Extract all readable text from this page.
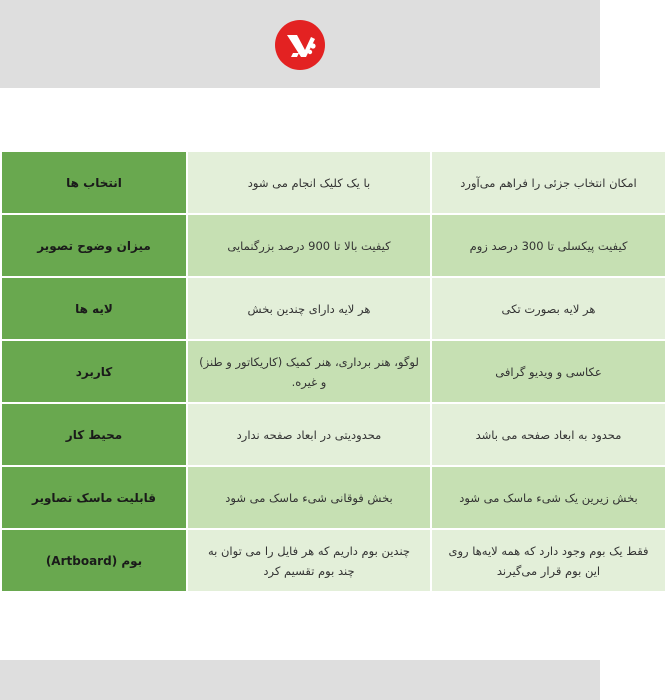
امکان انتخاب جزئی را فراهم می‌آورد	با یک کلیک انجام می شود	انتخاب ها
کیفیت پیکسلی تا 300 درصد زوم	کیفیت بالا تا 900 درصد بزرگنمایی	میزان وضوح تصویر
هر لایه بصورت تکی	هر لایه دارای چندین بخش	لایه ها
عکاسی و ویدیو گرافی	لوگو، هنر برداری، هنر کمیک (کاریکاتور و طنز) و غیره.	کاربرد
محدود به ابعاد صفحه می باشد	محدودیتی در ابعاد صفحه ندارد	محیط کار
بخش زیرین یک شیء ماسک می شود	بخش فوقانی شیء ماسک می شود	قابلیت ماسک تصاویر
فقط یک بوم وجود دارد که همه لایه‌ها روی این بوم قرار می‌گیرند	چندین بوم داریم که هر فایل را می توان به چند بوم تقسیم کرد	بوم (Artboard)
